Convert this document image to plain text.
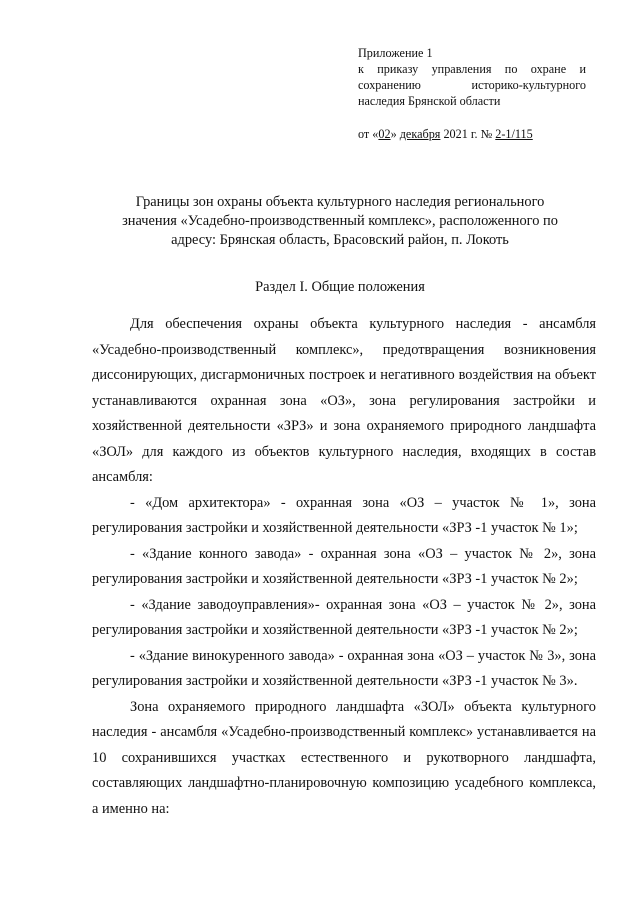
Приложение 1
к приказу управления по охране и
сохранению	историко-культурного
наследия Брянской области
от «02» декабря 2021 г. № 2-1/115
Границы зон охраны объекта культурного наследия регионального
значения «Усадебно-производственный комплекс», расположенного по
адресу: Брянская область, Брасовский район, п. Локоть
Раздел I. Общие положения

Для обеспечения охраны объекта культурного наследия - ансамбля «Усадебно-производственный комплекс», предотвращения возникновения диссонирующих, дисгармоничных построек и негативного воздействия на объект устанавливаются охранная зона «ОЗ», зона регулирования застройки и хозяйственной деятельности «ЗРЗ» и зона охраняемого природного ландшафта «ЗОЛ» для каждого из объектов культурного наследия, входящих в состав ансамбля:

- «Дом архитектора» - охранная зона «ОЗ – участок № 1», зона регулирования застройки и хозяйственной деятельности «ЗРЗ -1 участок № 1»;

- «Здание конного завода» - охранная зона «ОЗ – участок № 2», зона регулирования застройки и хозяйственной деятельности «ЗРЗ -1 участок № 2»;

- «Здание заводоуправления»- охранная зона «ОЗ – участок № 2», зона регулирования застройки и хозяйственной деятельности «ЗРЗ -1 участок № 2»;

- «Здание винокуренного завода» - охранная зона «ОЗ – участок № 3», зона регулирования застройки и хозяйственной деятельности «ЗРЗ -1 участок № 3».

Зона охраняемого природного ландшафта «ЗОЛ» объекта культурного наследия - ансамбля «Усадебно-производственный комплекс» устанавливается на 10 сохранившихся участках естественного и рукотворного ландшафта, составляющих ландшафтно-планировочную композицию усадебного комплекса, а именно на:
